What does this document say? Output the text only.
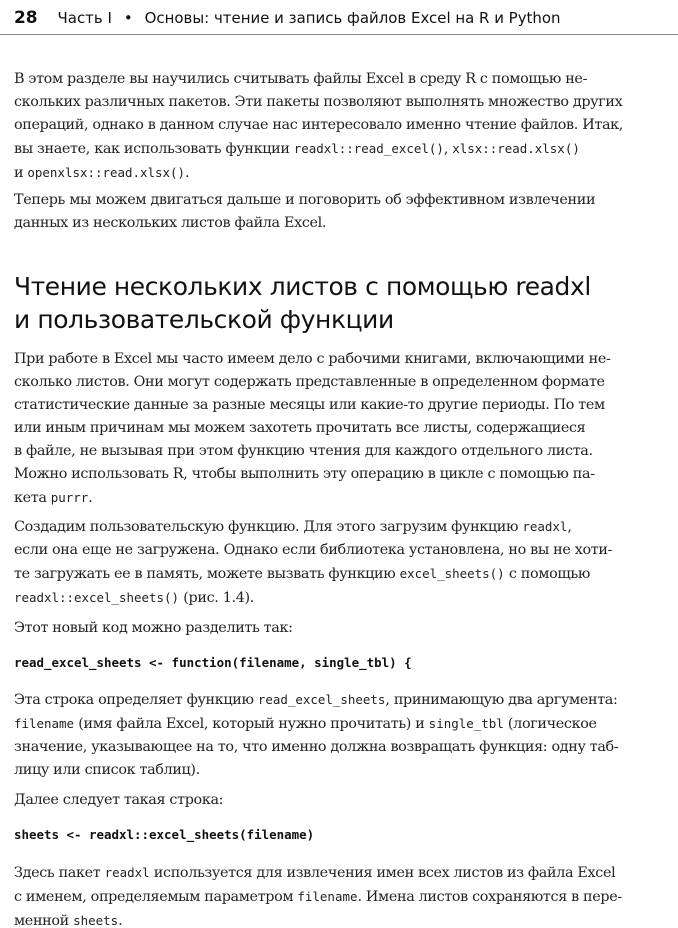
28 Часть I • Основы: чтение и запись файлов Excel на R и Python
В этом разделе вы научились считывать файлы Excel в среду R с помощью не-
скольких различных пакетов. Эти пакеты позволяют выполнять множество других
операций, однако в данном случае нас интересовало именно чтение файлов. Итак,
вы знаете, как использовать функции readxl::read_excel(), xlsx::read.xlsx()
и openxlsx::read.xlsx().
Теперь мы можем двигаться дальше и поговорить об эффективном извлечении
данных из нескольких листов файла Excel.
Чтение нескольких листов с помощью readxl
и пользовательской функции
При работе в Excel мы часто имеем дело с рабочими книгами, включающими не-
сколько листов. Они могут содержать представленные в определенном формате
статистические данные за разные месяцы или какие-то другие периоды. По тем
или иным причинам мы можем захотеть прочитать все листы, содержащиеся
в файле, не вызывая при этом функцию чтения для каждого отдельного листа.
Можно использовать R, чтобы выполнить эту операцию в цикле с помощью па-
кета purrr.
Создадим пользовательскую функцию. Для этого загрузим функцию readxl,
если она еще не загружена. Однако если библиотека установлена, но вы не хоти-
те загружать ее в память, можете вызвать функцию excel_sheets() с помощью
readxl::excel_sheets() (рис. 1.4).
Этот новый код можно разделить так:
read_excel_sheets <- function(filename, single_tbl) {
Эта строка определяет функцию read_excel_sheets, принимающую два аргумента:
filename (имя файла Excel, который нужно прочитать) и single_tbl (логическое
значение, указывающее на то, что именно должна возвращать функция: одну таб-
лицу или список таблиц).
Далее следует такая строка:
sheets <- readxl::excel_sheets(filename)
Здесь пакет readxl используется для извлечения имен всех листов из файла Excel
с именем, определяемым параметром filename. Имена листов сохраняются в пере-
менной sheets.
